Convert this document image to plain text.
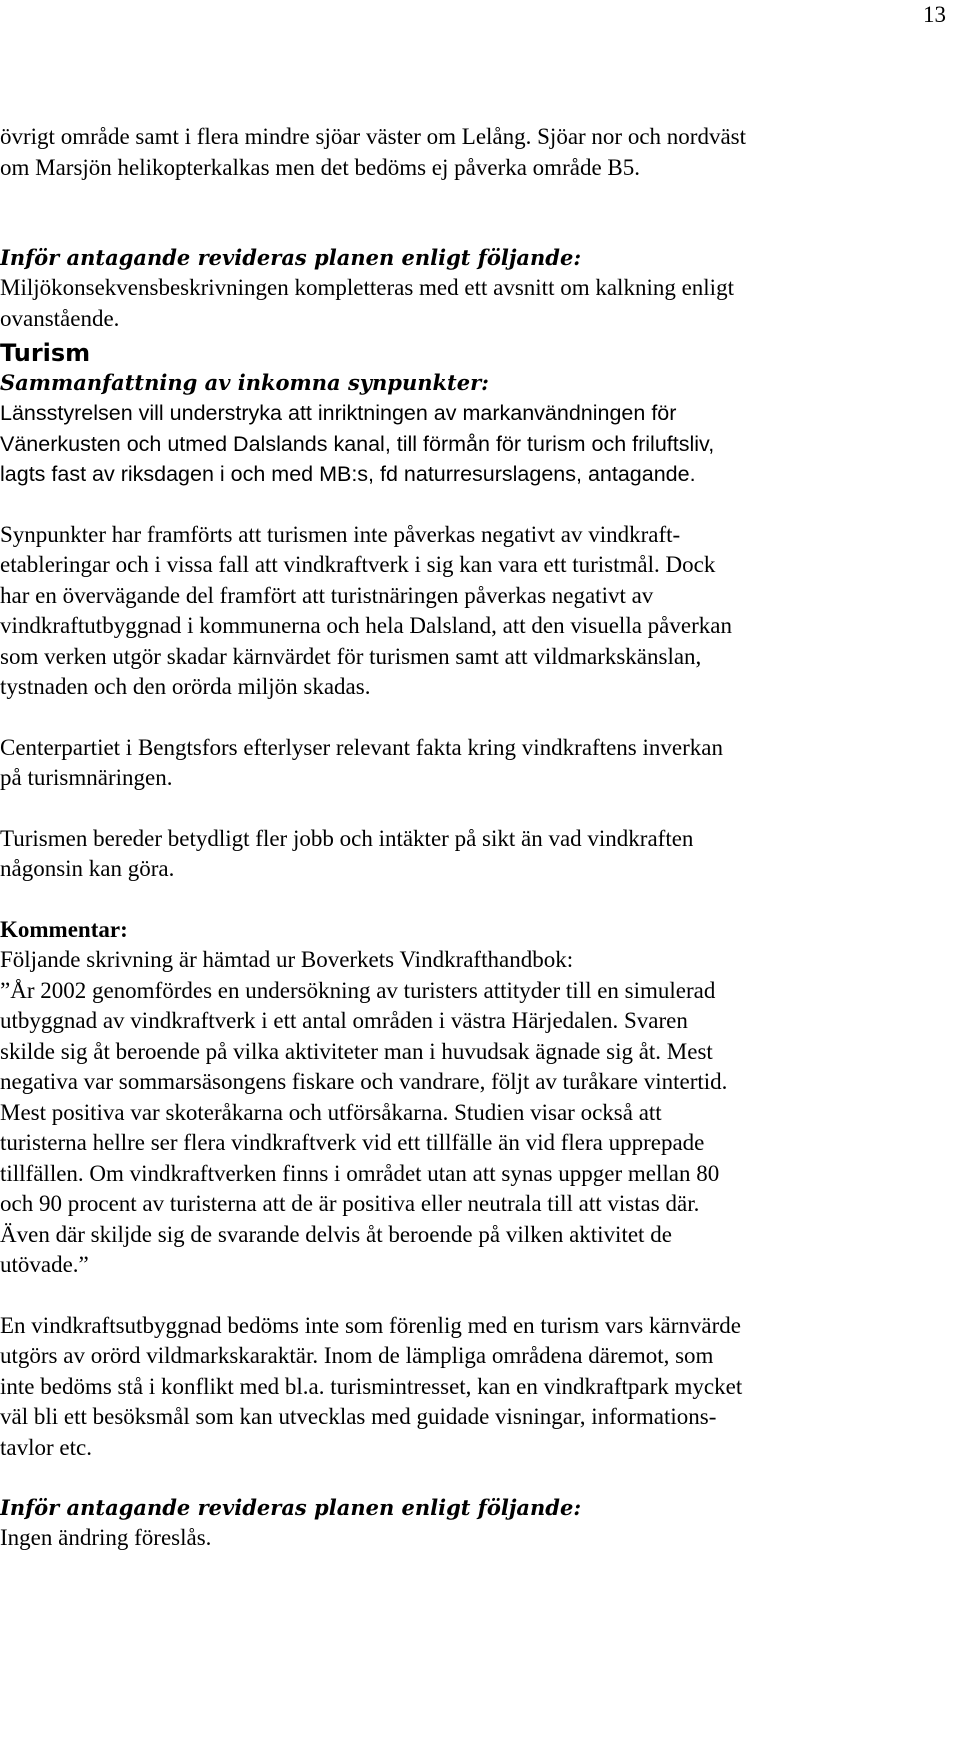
13
övrigt område samt i flera mindre sjöar väster om Lelång. Sjöar nor och nordväst
om Marsjön helikopterkalkas men det bedöms ej påverka område B5.
Inför antagande revideras planen enligt följande:
Miljökonsekvensbeskrivningen kompletteras med ett avsnitt om kalkning enligt
ovanstående.
Turism
Sammanfattning av inkomna synpunkter:
Länsstyrelsen vill understryka att inriktningen av markanvändningen för
Vänerkusten och utmed Dalslands kanal, till förmån för turism och friluftsliv,
lagts fast av riksdagen i och med MB:s, fd naturresurslagens, antagande.
Synpunkter har framförts att turismen inte påverkas negativt av vindkraft-
etableringar och i vissa fall att vindkraftverk i sig kan vara ett turistmål. Dock
har en övervägande del framfört att turistnäringen påverkas negativt av
vindkraftutbyggnad i kommunerna och hela Dalsland, att den visuella påverkan
som verken utgör skadar kärnvärdet för turismen samt att vildmarkskänslan,
tystnaden och den orörda miljön skadas.
Centerpartiet i Bengtsfors efterlyser relevant fakta kring vindkraftens inverkan
på turismnäringen.
Turismen bereder betydligt fler jobb och intäkter på sikt än vad vindkraften
någonsin kan göra.
Kommentar:
Följande skrivning är hämtad ur Boverkets Vindkrafthandbok:
”År 2002 genomfördes en undersökning av turisters attityder till en simulerad
utbyggnad av vindkraftverk i ett antal områden i västra Härjedalen. Svaren
skilde sig åt beroende på vilka aktiviteter man i huvudsak ägnade sig åt. Mest
negativa var sommarsäsongens fiskare och vandrare, följt av turåkare vintertid.
Mest positiva var skoteråkarna och utförsåkarna. Studien visar också att
turisterna hellre ser flera vindkraftverk vid ett tillfälle än vid flera upprepade
tillfällen. Om vindkraftverken finns i området utan att synas uppger mellan 80
och 90 procent av turisterna att de är positiva eller neutrala till att vistas där.
Även där skiljde sig de svarande delvis åt beroende på vilken aktivitet de
utövade.”
En vindkraftsutbyggnad bedöms inte som förenlig med en turism vars kärnvärde
utgörs av orörd vildmarkskaraktär. Inom de lämpliga områdena däremot, som
inte bedöms stå i konflikt med bl.a. turismintresset, kan en vindkraftpark mycket
väl bli ett besöksmål som kan utvecklas med guidade visningar, informations-
tavlor etc.
Inför antagande revideras planen enligt följande:
Ingen ändring föreslås.
